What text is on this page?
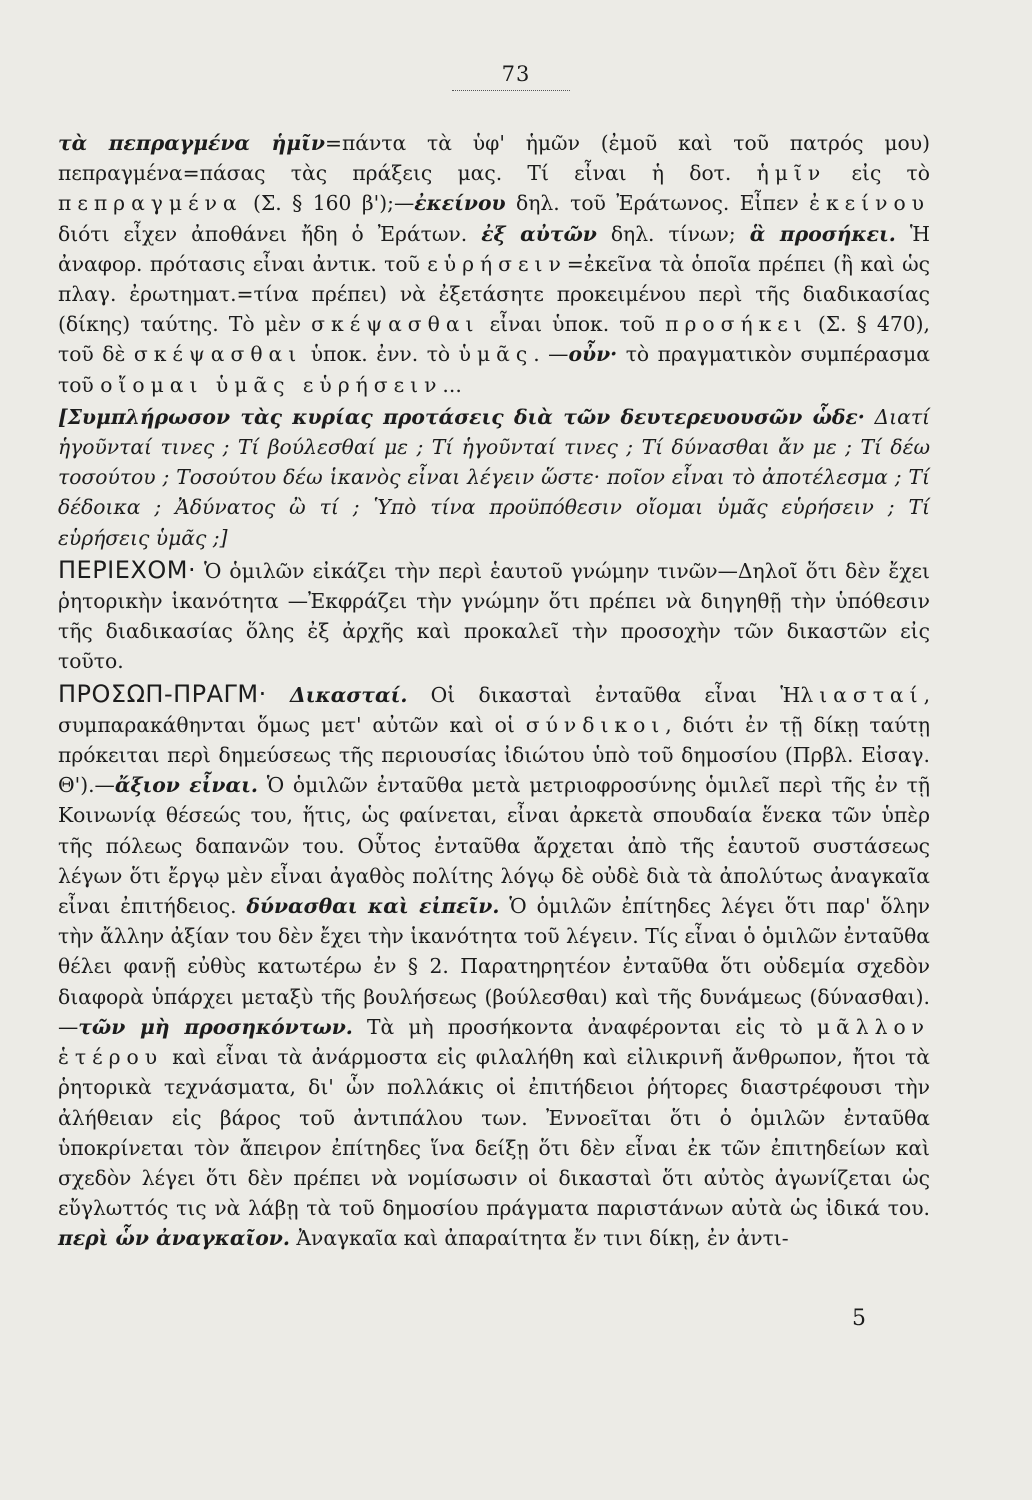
73

τὰ πεπραγμένα ἡμῖν=πάντα τὰ ὑφ' ἡμῶν (ἐμοῦ καὶ τοῦ πατρός μου) πεπραγμένα=πάσας τὰς πράξεις μας. Τί εἶναι ἡ δοτ. ἡμῖν εἰς τὸ πεπραγμένα (Σ. § 160 β');—ἐκείνου δηλ. τοῦ Ἐράτωνος. Εἶπεν ἐκείνου διότι εἶχεν ἀποθάνει ἤδη ὁ Ἐράτων. ἐξ αὐτῶν δηλ. τίνων; ἃ προσήκει. Ἡ ἀναφορ. πρότασις εἶναι ἀντικ. τοῦ εὑρήσειν=ἐκεῖνα τὰ ὁποῖα πρέπει (ἢ καὶ ὡς πλαγ. ἐρωτηματ.=τίνα πρέπει) νὰ ἐξετάσητε προκειμένου περὶ τῆς διαδικασίας (δίκης) ταύτης. Τὸ μὲν σκέψασθαι εἶναι ὑποκ. τοῦ προσήκει (Σ. § 470), τοῦ δὲ σκέψασθαι ὑποκ. ἐνν. τὸ ὑμᾶς. —οὖν· τὸ πραγματικὸν συμπέρασμα τοῦ οἴομαι ὑμᾶς εὑρήσειν...

[Συμπλήρωσον τὰς κυρίας προτάσεις διὰ τῶν δευτερευουσῶν ὧδε· Διατί ἡγοῦνταί τινες ; Τί βούλεσθαί με ; Τί ἡγοῦνταί τινες ; Τί δύνασθαι ἄν με ; Τί δέω τοσούτου ; Τοσούτου δέω ἱκανὸς εἶναι λέγειν ὥστε· ποῖον εἶναι τὸ ἀποτέλεσμα ; Τί δέδοικα ; Ἀδύνατος ὢ τί ; Ὑπὸ τίνα προϋπόθεσιν οἴομαι ὑμᾶς εὑρήσειν ; Τί εὑρήσεις ὑμᾶς ;]

ΠΕΡΙΕΧΟΜ· Ὁ ὁμιλῶν εἰκάζει τὴν περὶ ἑαυτοῦ γνώμην τινῶν—Δηλοῖ ὅτι δὲν ἔχει ῥητορικὴν ἱκανότητα —Ἐκφράζει τὴν γνώμην ὅτι πρέπει νὰ διηγηθῇ τὴν ὑπόθεσιν τῆς διαδικασίας ὅλης ἐξ ἀρχῆς καὶ προκαλεῖ τὴν προσοχὴν τῶν δικαστῶν εἰς τοῦτο.

ΠΡΟΣΩΠ-ΠΡΑΓΜ· Δικασταί. Οἱ δικασταὶ ἐνταῦθα εἶναι Ἡλιασταί, συμπαρακάθηνται ὅμως μετ' αὐτῶν καὶ οἱ σύνδικοι, διότι ἐν τῇ δίκῃ ταύτῃ πρόκειται περὶ δημεύσεως τῆς περιουσίας ἰδιώτου ὑπὸ τοῦ δημοσίου (Πρβλ. Εἰσαγ. Θ').—ἄξιον εἶναι. Ὁ ὁμιλῶν ἐνταῦθα μετὰ μετριοφροσύνης ὁμιλεῖ περὶ τῆς ἐν τῇ Κοινωνίᾳ θέσεώς του, ἥτις, ὡς φαίνεται, εἶναι ἀρκετὰ σπουδαία ἕνεκα τῶν ὑπὲρ τῆς πόλεως δαπανῶν του. Οὗτος ἐνταῦθα ἄρχεται ἀπὸ τῆς ἑαυτοῦ συστάσεως λέγων ὅτι ἔργῳ μὲν εἶναι ἀγαθὸς πολίτης λόγῳ δὲ οὐδὲ διὰ τὰ ἀπολύτως ἀναγκαῖα εἶναι ἐπιτήδειος. δύνασθαι καὶ εἰπεῖν. Ὁ ὁμιλῶν ἐπίτηδες λέγει ὅτι παρ' ὅλην τὴν ἄλλην ἀξίαν του δὲν ἔχει τὴν ἱκανότητα τοῦ λέγειν. Τίς εἶναι ὁ ὁμιλῶν ἐνταῦθα θέλει φανῇ εὐθὺς κατωτέρω ἐν § 2. Παρατηρητέον ἐνταῦθα ὅτι οὐδεμία σχεδὸν διαφορὰ ὑπάρχει μεταξὺ τῆς βουλήσεως (βούλεσθαι) καὶ τῆς δυνάμεως (δύνασθαι).—τῶν μὴ προσηκόντων. Τὰ μὴ προσήκοντα ἀναφέρονται εἰς τὸ μᾶλλον ἑτέρου καὶ εἶναι τὰ ἀνάρμοστα εἰς φιλαλήθη καὶ εἰλικρινῆ ἄνθρωπον, ἤτοι τὰ ῥητορικὰ τεχνάσματα, δι' ὧν πολλάκις οἱ ἐπιτήδειοι ῥήτορες διαστρέφουσι τὴν ἀλήθειαν εἰς βάρος τοῦ ἀντιπάλου των. Ἐννοεῖται ὅτι ὁ ὁμιλῶν ἐνταῦθα ὑποκρίνεται τὸν ἄπειρον ἐπίτηδες ἵνα δείξῃ ὅτι δὲν εἶναι ἐκ τῶν ἐπιτηδείων καὶ σχεδὸν λέγει ὅτι δὲν πρέπει νὰ νομίσωσιν οἱ δικασταὶ ὅτι αὐτὸς ἀγωνίζεται ὡς εὔγλωττός τις νὰ λάβῃ τὰ τοῦ δημοσίου πράγματα παριστάνων αὐτὰ ὡς ἰδικά του. περὶ ὧν ἀναγκαῖον. Ἀναγκαῖα καὶ ἀπαραίτητα ἔν τινι δίκῃ, ἐν ἀντι-

5
